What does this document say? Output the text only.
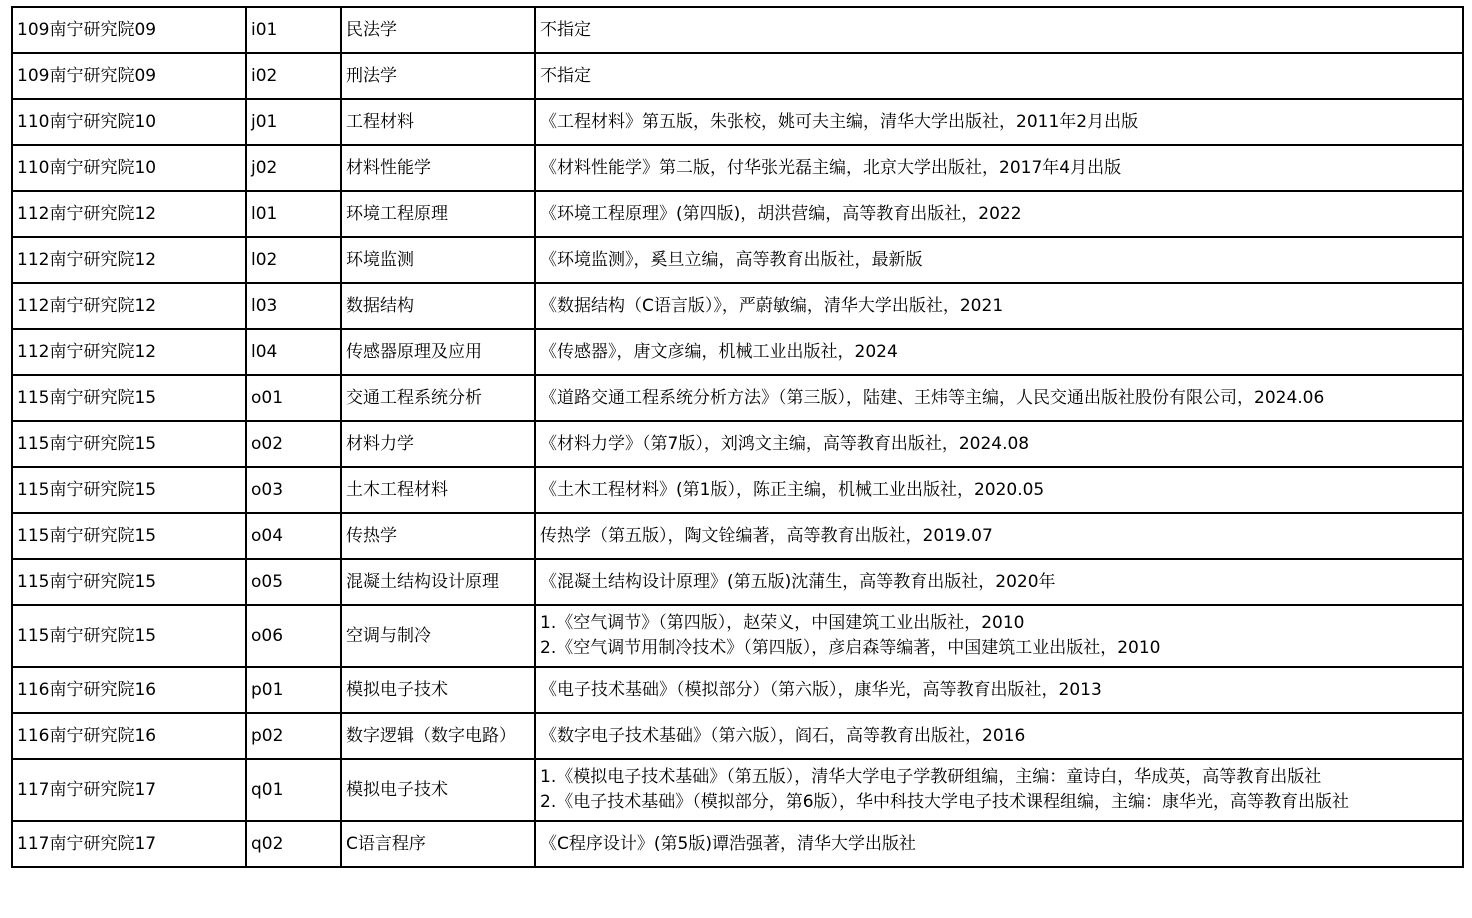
109南宁研究院09	i01	民法学	不指定

109南宁研究院09	i02	刑法学	不指定

110南宁研究院10	j01	工程材料	《工程材料》第五版，朱张校，姚可夫主编，清华大学出版社，2011年2月出版

110南宁研究院10	j02	材料性能学	《材料性能学》第二版，付华张光磊主编，北京大学出版社，2017年4月出版

112南宁研究院12	l01	环境工程原理	《环境工程原理》(第四版)，胡洪营编，高等教育出版社，2022

112南宁研究院12	l02	环境监测	《环境监测》，奚旦立编，高等教育出版社，最新版

112南宁研究院12	l03	数据结构	《数据结构（C语言版）》，严蔚敏编，清华大学出版社，2021

112南宁研究院12	l04	传感器原理及应用	《传感器》，唐文彦编，机械工业出版社，2024

115南宁研究院15	o01	交通工程系统分析	《道路交通工程系统分析方法》（第三版），陆建、王炜等主编，人民交通出版社股份有限公司，2024.06

115南宁研究院15	o02	材料力学	《材料力学》（第7版），刘鸿文主编，高等教育出版社，2024.08

115南宁研究院15	o03	土木工程材料	《土木工程材料》(第1版），陈正主编，机械工业出版社，2020.05

115南宁研究院15	o04	传热学	传热学（第五版），陶文铨编著，高等教育出版社，2019.07

115南宁研究院15	o05	混凝土结构设计原理	《混凝土结构设计原理》(第五版)沈蒲生，高等教育出版社，2020年

115南宁研究院15	o06	空调与制冷	1.《空气调节》（第四版），赵荣义，中国建筑工业出版社，2010
2.《空气调节用制冷技术》（第四版），彦启森等编著，中国建筑工业出版社，2010

116南宁研究院16	p01	模拟电子技术	《电子技术基础》（模拟部分）（第六版），康华光，高等教育出版社，2013

116南宁研究院16	p02	数字逻辑（数字电路）	《数字电子技术基础》（第六版），阎石，高等教育出版社，2016

117南宁研究院17	q01	模拟电子技术	1.《模拟电子技术基础》（第五版），清华大学电子学教研组编，主编：童诗白，华成英，高等教育出版社
2.《电子技术基础》（模拟部分，第6版），华中科技大学电子技术课程组编，主编：康华光，高等教育出版社

117南宁研究院17	q02	C语言程序	《C程序设计》(第5版)谭浩强著，清华大学出版社
